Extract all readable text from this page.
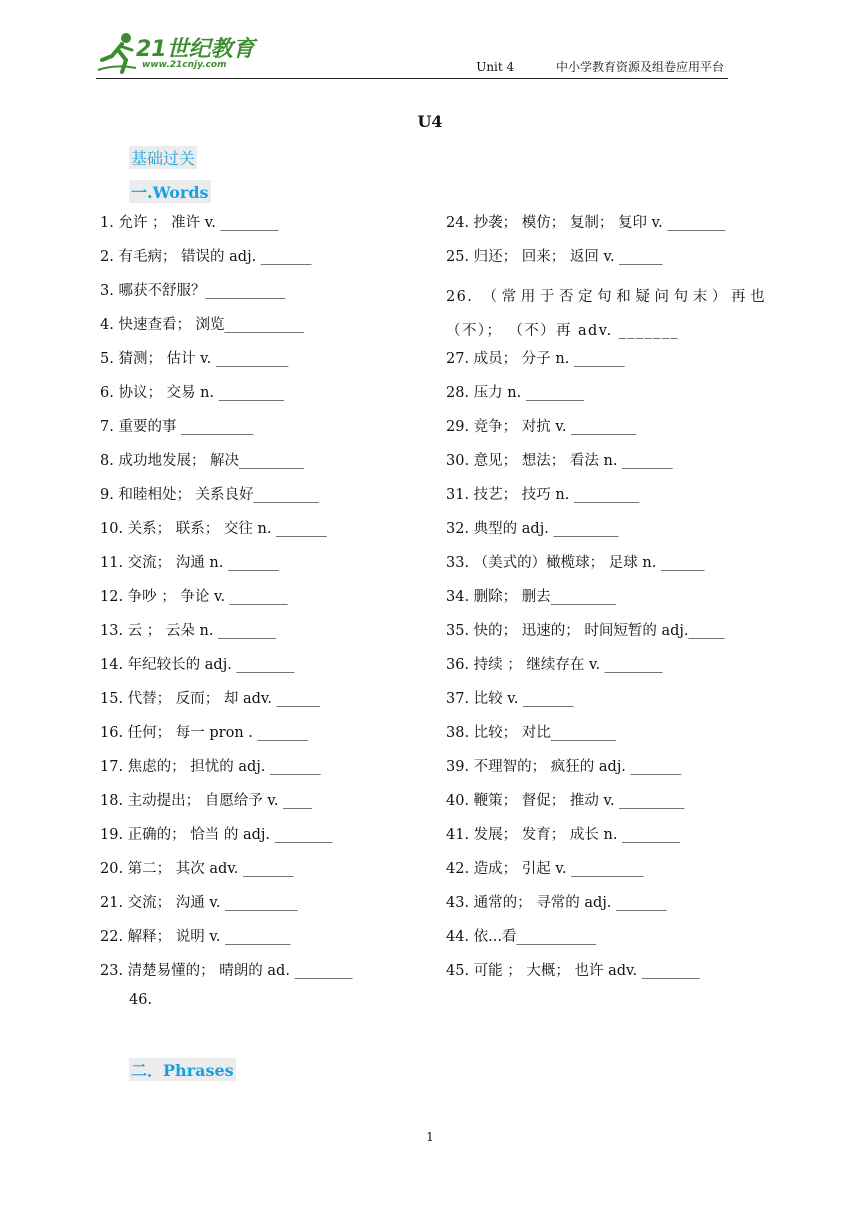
21世纪教育
www.21cnjy.com	Unit 4	中小学教育资源及组卷应用平台
U4
基础过关
一.Words
1. 允许 ； 准许 v. ________
2. 有毛病； 错误的 adj. _______
3. 哪获不舒服？___________
4. 快速查看； 浏览___________
5. 猜测； 估计 v. __________
6. 协议； 交易 n. _________
7. 重要的事 __________
8. 成功地发展； 解决_________
9. 和睦相处； 关系良好_________
10. 关系； 联系； 交往 n. _______
11. 交流； 沟通 n. _______
12. 争吵 ； 争论 v. ________
13. 云 ； 云朵 n. ________
14. 年纪较长的 adj. ________
15. 代替； 反而； 却 adv. ______
16. 任何； 每一 pron . _______
17. 焦虑的； 担忧的 adj. _______
18. 主动提出； 自愿给予 v. ____
19. 正确的； 恰当 的 adj. ________
20. 第二； 其次 adv. _______
21. 交流； 沟通 v. __________
22. 解释； 说明 v. _________
23. 清楚易懂的； 晴朗的 ad. ________
24. 抄袭； 模仿； 复制； 复印 v. ________
25. 归还； 回来； 返回 v. ______
26. （常用于否定句和疑问句末）再也（不）； （不）再 adv. _______
27. 成员； 分子 n. _______
28. 压力 n. ________
29. 竞争； 对抗 v. _________
30. 意见； 想法； 看法 n. _______
31. 技艺； 技巧 n. _________
32. 典型的 adj. _________
33. （美式的）橄榄球； 足球 n. ______
34. 删除； 删去_________
35. 快的； 迅速的； 时间短暂的 adj._____
36. 持续 ； 继续存在 v. ________
37. 比较 v. _______
38. 比较； 对比_________
39. 不理智的； 疯狂的 adj. _______
40. 鞭策； 督促； 推动 v. _________
41. 发展； 发育； 成长 n. ________
42. 造成； 引起 v. __________
43. 通常的； 寻常的 adj. _______
44. 依...看___________
45. 可能 ； 大概； 也许 adv. ________
46.
二．Phrases
1
